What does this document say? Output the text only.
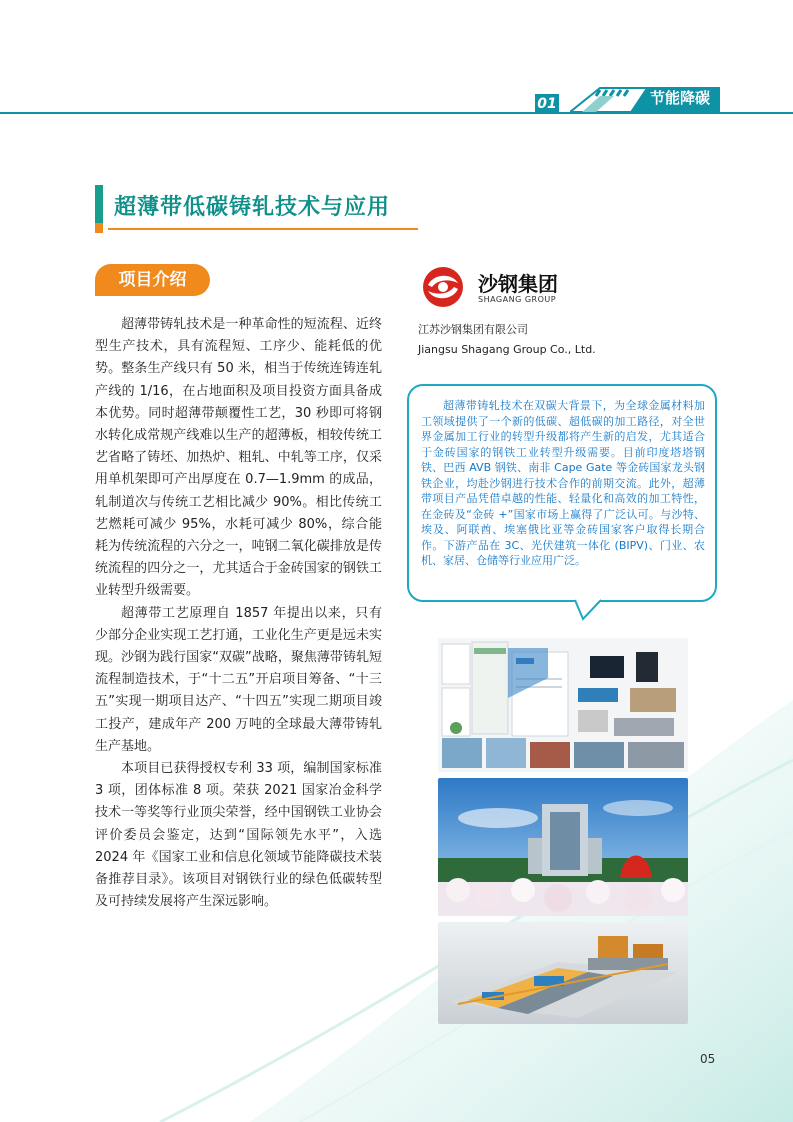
01	节能降碳
超薄带低碳铸轧技术与应用
项目介绍

超薄带铸轧技术是一种革命性的短流程、近终型生产技术，具有流程短、工序少、能耗低的优势。整条生产线只有 50 米，相当于传统连铸连轧产线的 1/16，在占地面积及项目投资方面具备成本优势。同时超薄带颠覆性工艺，30 秒即可将钢水转化成常规产线难以生产的超薄板，相较传统工艺省略了铸坯、加热炉、粗轧、中轧等工序，仅采用单机架即可产出厚度在 0.7—1.9mm 的成品，轧制道次与传统工艺相比减少 90%。相比传统工艺燃耗可减少 95%，水耗可减少 80%，综合能耗为传统流程的六分之一，吨钢二氧化碳排放是传统流程的四分之一，尤其适合于金砖国家的钢铁工业转型升级需要。

超薄带工艺原理自 1857 年提出以来，只有少部分企业实现工艺打通，工业化生产更是远未实现。沙钢为践行国家“双碳”战略，聚焦薄带铸轧短流程制造技术，于“十二五”开启项目筹备、“十三五”实现一期项目达产、“十四五”实现二期项目竣工投产，建成年产 200 万吨的全球最大薄带铸轧生产基地。

本项目已获得授权专利 33 项，编制国家标准 3 项，团体标准 8 项。荣获 2021 国家冶金科学技术一等奖等行业顶尖荣誉，经中国钢铁工业协会评价委员会鉴定，达到“国际领先水平”，入选 2024 年《国家工业和信息化领域节能降碳技术装备推荐目录》。该项目对钢铁行业的绿色低碳转型及可持续发展将产生深远影响。

沙钢集团
SHAGANG GROUP
江苏沙钢集团有限公司
Jiangsu Shagang Group Co., Ltd.

超薄带铸轧技术在双碳大背景下，为全球金属材料加工领域提供了一个新的低碳、超低碳的加工路径，对全世界金属加工行业的转型升级都将产生新的启发，尤其适合于金砖国家的钢铁工业转型升级需要。目前印度塔塔钢铁、巴西 AVB 钢铁、南非 Cape Gate 等金砖国家龙头钢铁企业，均赴沙钢进行技术合作的前期交流。此外，超薄带项目产品凭借卓越的性能、轻量化和高效的加工特性，在金砖及“金砖 +”国家市场上赢得了广泛认可。与沙特、埃及、阿联酋、埃塞俄比亚等金砖国家客户取得长期合作。下游产品在 3C、光伏建筑一体化 (BIPV)、门业、农机、家居、仓储等行业应用广泛。

05
